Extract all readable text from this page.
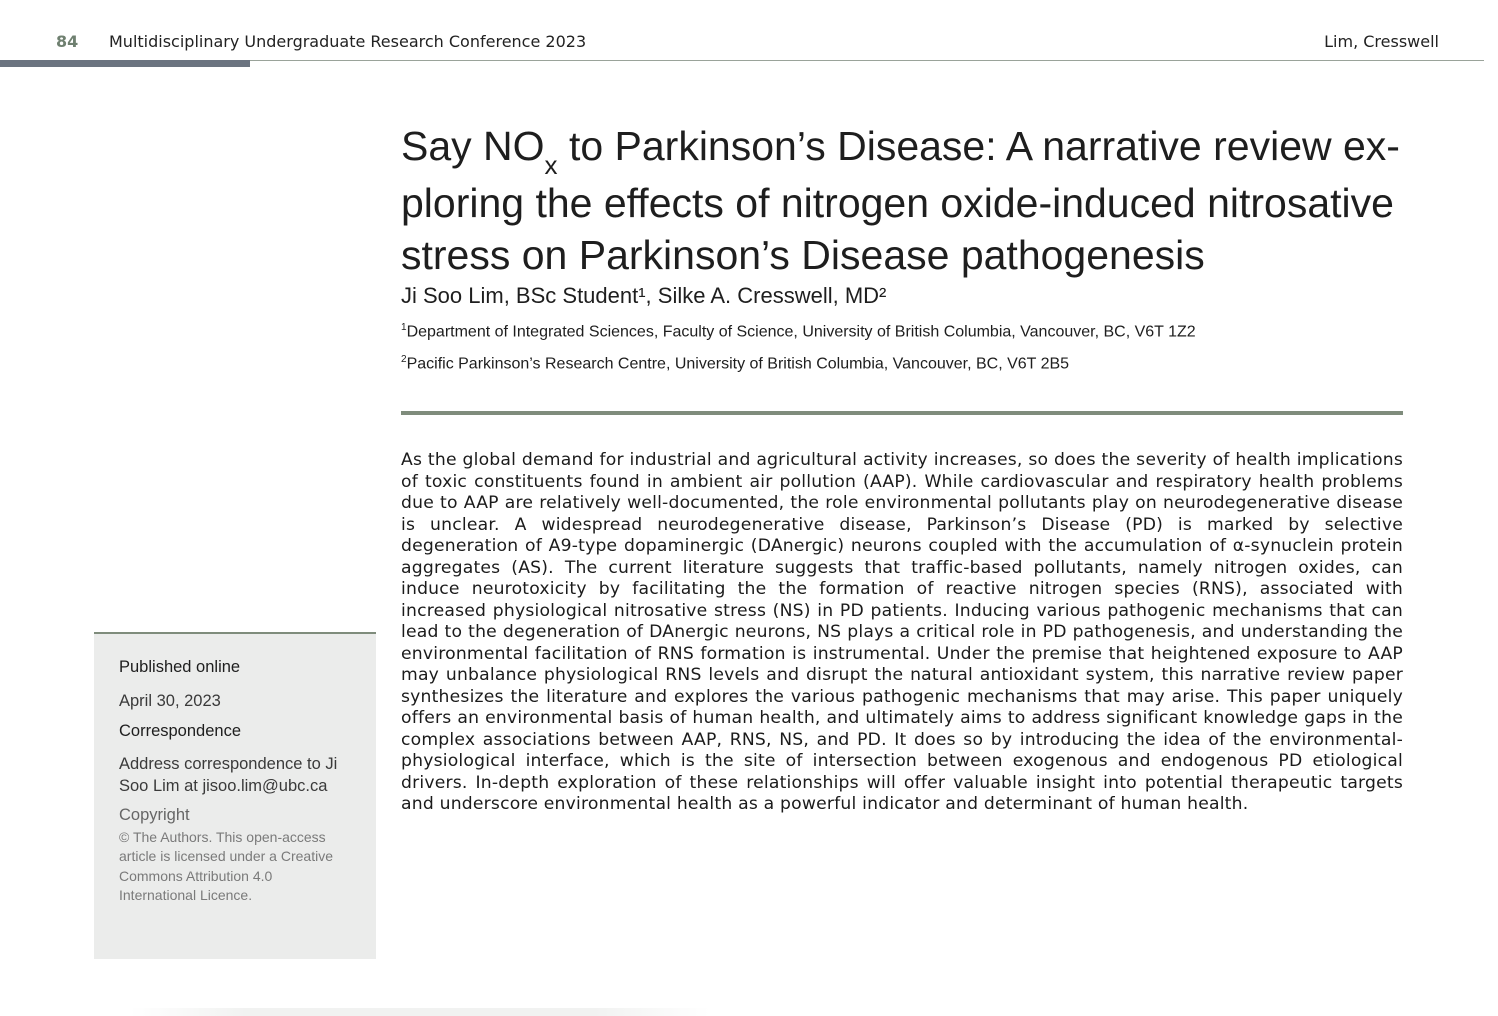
84 Multidisciplinary Undergraduate Research Conference 2023	Lim, Cresswell
Say $NO_x$ to Parkinson’s Disease: A narrative review ex-
ploring the effects of nitrogen oxide-induced nitrosative
stress on Parkinson’s Disease pathogenesis
Ji Soo Lim, BSc Student¹, Silke A. Cresswell, MD²
$^1$Department of Integrated Sciences, Faculty of Science, University of British Columbia, Vancouver, BC, V6T 1Z2
$^2$Pacific Parkinson’s Research Centre, University of British Columbia, Vancouver, BC, V6T 2B5

As the global demand for industrial and agricultural activity increases, so does the severity of health implications of toxic constituents found in ambient air pollution (AAP). While cardiovascular and respiratory health problems due to AAP are relatively well-documented, the role environmental pollutants play on neurodegenerative disease is unclear. A widespread neurodegenerative disease, Parkinson’s Disease (PD) is marked by selective degeneration of A9-type dopaminergic (DAnergic) neurons coupled with the accumulation of α-synuclein protein aggregates (AS). The current literature suggests that traffic-based pollutants, namely nitrogen oxides, can induce neurotoxicity by facilitating the the formation of reactive nitrogen species (RNS), associated with increased physiological nitrosative stress (NS) in PD patients. Inducing various pathogenic mechanisms that can lead to the degeneration of DAnergic neurons, NS plays a critical role in PD pathogenesis, and understanding the environmental facilitation of RNS formation is instrumental. Under the premise that heightened exposure to AAP may unbalance physiological RNS levels and disrupt the natural antioxidant system, this narrative review paper synthesizes the literature and explores the various pathogenic mechanisms that may arise. This paper uniquely offers an environmental basis of human health, and ultimately aims to address significant knowledge gaps in the complex associations between AAP, RNS, NS, and PD. It does so by introducing the idea of the environmental-physiological interface, which is the site of intersection between exogenous and endogenous PD etiological drivers. In-depth exploration of these relationships will offer valuable insight into potential therapeutic targets and underscore environmental health as a powerful indicator and determinant of human health.

Published online
April 30, 2023
Correspondence
Address correspondence to Ji Soo Lim at jisoo.lim@ubc.ca
Copyright
© The Authors. This open-access article is licensed under a Creative Commons Attribution 4.0 International Licence.
